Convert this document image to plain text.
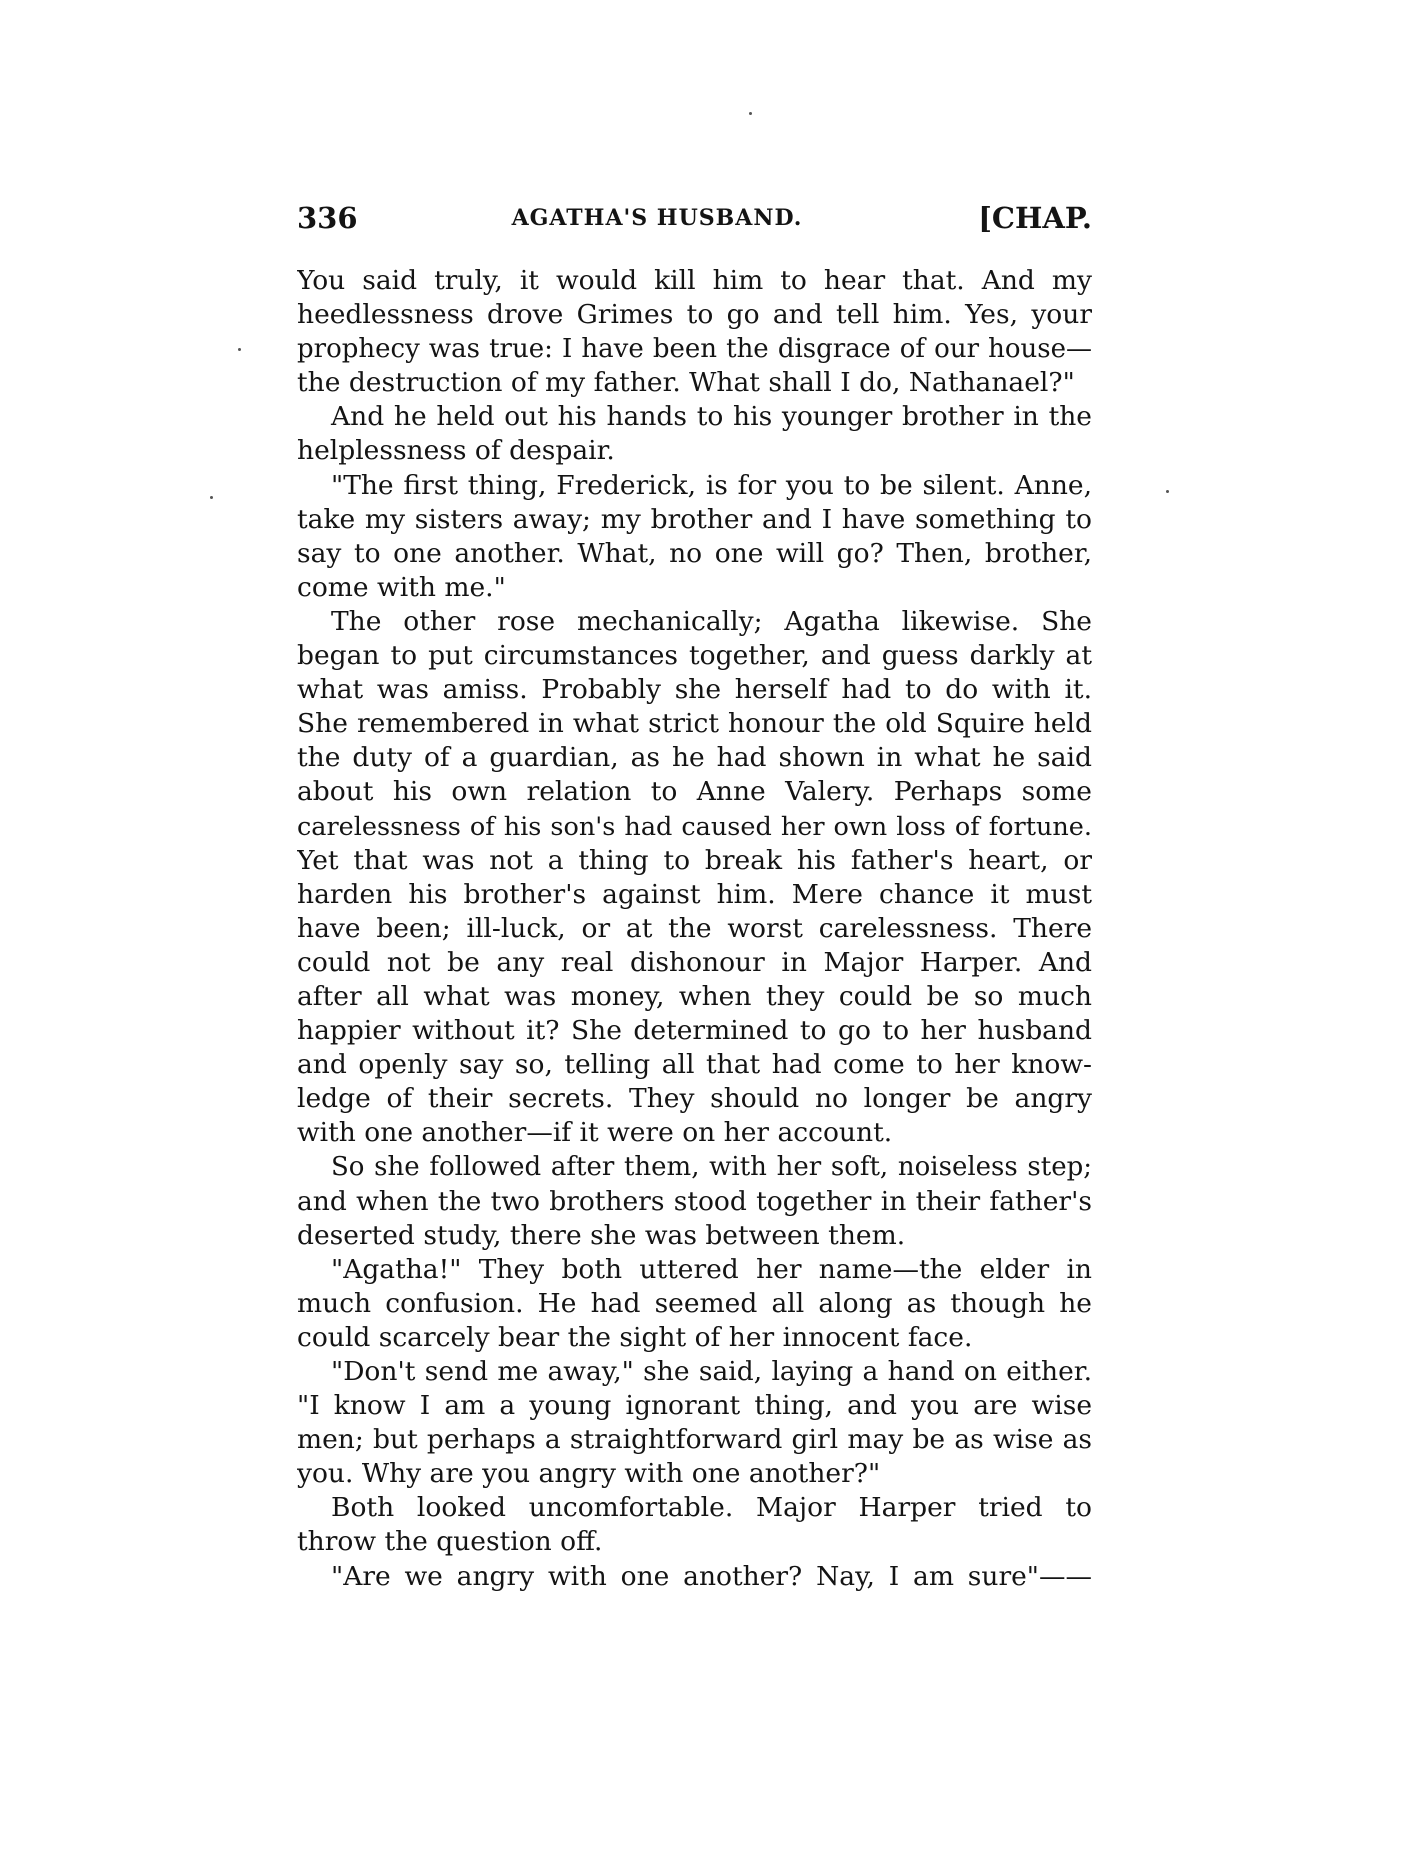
336	AGATHA'S HUSBAND.	[CHAP.
You said truly, it would kill him to hear that. And my
heedlessness drove Grimes to go and tell him. Yes, your
prophecy was true: I have been the disgrace of our house—
the destruction of my father. What shall I do, Nathanael?"
And he held out his hands to his younger brother in the
helplessness of despair.
"The first thing, Frederick, is for you to be silent. Anne,
take my sisters away; my brother and I have something to
say to one another. What, no one will go? Then, brother,
come with me."
The other rose mechanically; Agatha likewise. She
began to put circumstances together, and guess darkly at
what was amiss. Probably she herself had to do with it.
She remembered in what strict honour the old Squire held
the duty of a guardian, as he had shown in what he said
about his own relation to Anne Valery. Perhaps some
carelessness of his son's had caused her own loss of fortune.
Yet that was not a thing to break his father's heart, or
harden his brother's against him. Mere chance it must
have been; ill-luck, or at the worst carelessness. There
could not be any real dishonour in Major Harper. And
after all what was money, when they could be so much
happier without it? She determined to go to her husband
and openly say so, telling all that had come to her know-
ledge of their secrets. They should no longer be angry
with one another—if it were on her account.
So she followed after them, with her soft, noiseless step;
and when the two brothers stood together in their father's
deserted study, there she was between them.
"Agatha!" They both uttered her name—the elder in
much confusion. He had seemed all along as though he
could scarcely bear the sight of her innocent face.
"Don't send me away," she said, laying a hand on either.
"I know I am a young ignorant thing, and you are wise
men; but perhaps a straightforward girl may be as wise as
you. Why are you angry with one another?"
Both looked uncomfortable. Major Harper tried to
throw the question off.
"Are we angry with one another? Nay, I am sure"——
